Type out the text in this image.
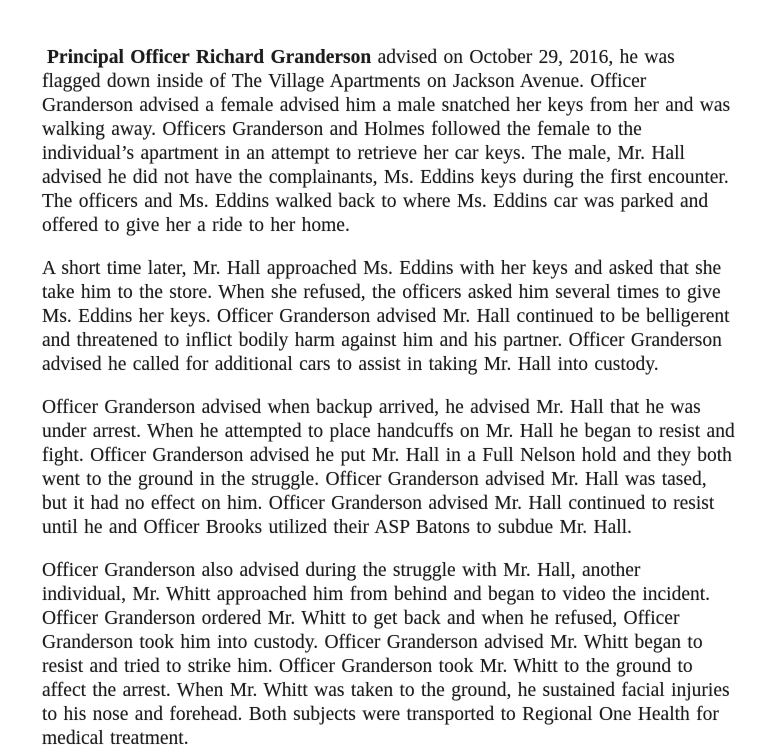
Principal Officer Richard Granderson advised on October 29, 2016, he was
flagged down inside of The Village Apartments on Jackson Avenue. Officer
Granderson advised a female advised him a male snatched her keys from her and was
walking away. Officers Granderson and Holmes followed the female to the
individual’s apartment in an attempt to retrieve her car keys. The male, Mr. Hall
advised he did not have the complainants, Ms. Eddins keys during the first encounter.
The officers and Ms. Eddins walked back to where Ms. Eddins car was parked and
offered to give her a ride to her home.
A short time later, Mr. Hall approached Ms. Eddins with her keys and asked that she
take him to the store. When she refused, the officers asked him several times to give
Ms. Eddins her keys. Officer Granderson advised Mr. Hall continued to be belligerent
and threatened to inflict bodily harm against him and his partner. Officer Granderson
advised he called for additional cars to assist in taking Mr. Hall into custody.
Officer Granderson advised when backup arrived, he advised Mr. Hall that he was
under arrest. When he attempted to place handcuffs on Mr. Hall he began to resist and
fight. Officer Granderson advised he put Mr. Hall in a Full Nelson hold and they both
went to the ground in the struggle. Officer Granderson advised Mr. Hall was tased,
but it had no effect on him. Officer Granderson advised Mr. Hall continued to resist
until he and Officer Brooks utilized their ASP Batons to subdue Mr. Hall.
Officer Granderson also advised during the struggle with Mr. Hall, another
individual, Mr. Whitt approached him from behind and began to video the incident.
Officer Granderson ordered Mr. Whitt to get back and when he refused, Officer
Granderson took him into custody. Officer Granderson advised Mr. Whitt began to
resist and tried to strike him. Officer Granderson took Mr. Whitt to the ground to
affect the arrest. When Mr. Whitt was taken to the ground, he sustained facial injuries
to his nose and forehead. Both subjects were transported to Regional One Health for
medical treatment.
